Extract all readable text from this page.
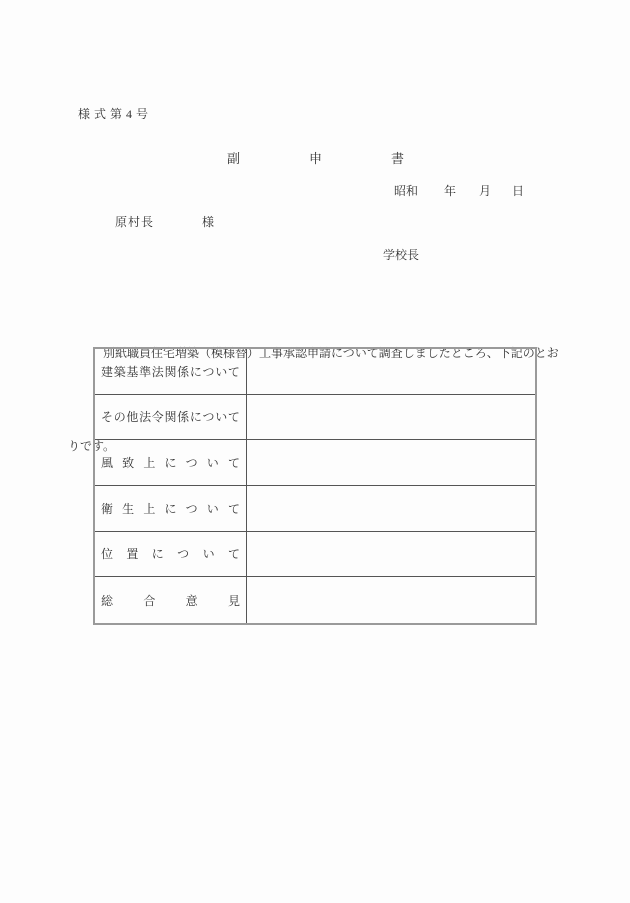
様式第4号
副	申	書
昭和 年 月 日
原村長	様
学校長

別紙職員住宅増築（模様替）工事承認申請について調査しましたところ、下記のとお

りです。

建 築 基 準 法 関 係 に つ い て
そ の 他 法 令 関 係 に つ い て
風 致 上 に つ い て
衛 生 上 に つ い て
位 置 に つ い て
総	合	意	見
